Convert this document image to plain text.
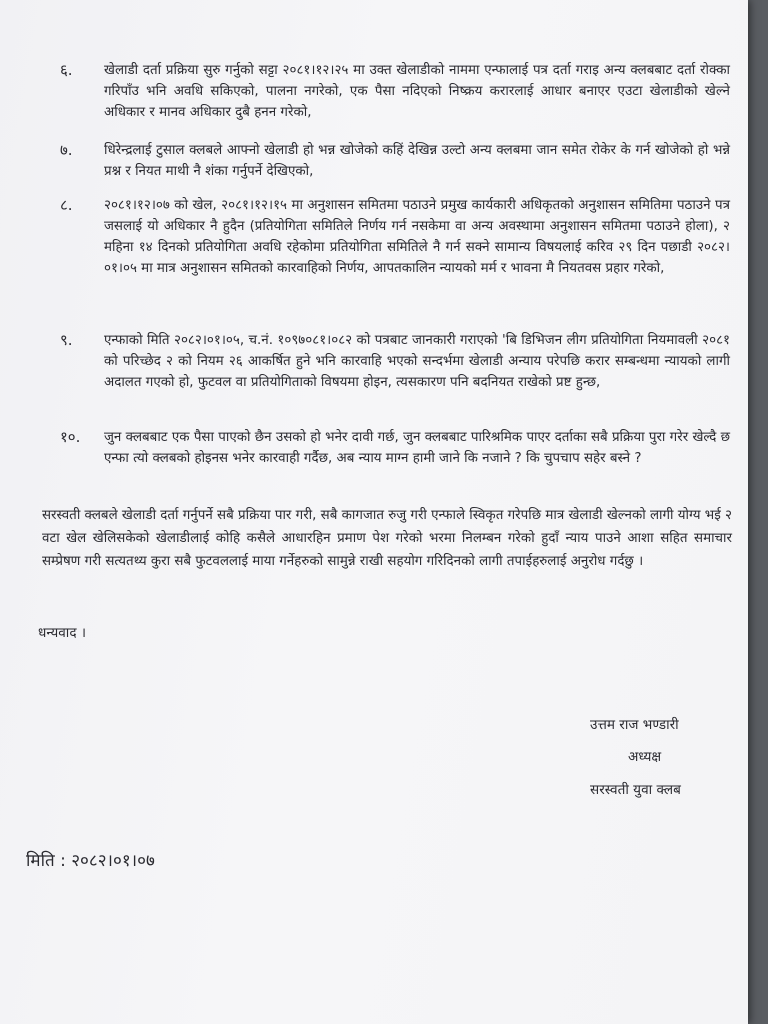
६. खेलाडी दर्ता प्रक्रिया सुरु गर्नुको सट्टा २०८१।१२।२५ मा उक्त खेलाडीको नाममा एन्फालाई पत्र दर्ता गराइ अन्य क्लबबाट दर्ता रोक्का गरिपाँउ भनि अवधि सकिएको, पालना नगरेको, एक पैसा नदिएको निष्क्रय करारलाई आधार बनाएर एउटा खेलाडीको खेल्ने अधिकार र मानव अधिकार दुबै हनन गरेको,
७. धिरेन्द्रलाई टुसाल क्लबले आफ्नो खेलाडी हो भन्न खोजेको कहिं देखिन्न उल्टो अन्य क्लबमा जान समेत रोकेर के गर्न खोजेको हो भन्ने प्रश्न र नियत माथी नै शंका गर्नुपर्ने देखिएको,
८. २०८१।१२।०७ को खेल, २०८१।१२।१५ मा अनुशासन समितमा पठाउने प्रमुख कार्यकारी अधिकृतको अनुशासन समितिमा पठाउने पत्र जसलाई यो अधिकार नै हुदैन (प्रतियोगिता समितिले निर्णय गर्न नसकेमा वा अन्य अवस्थामा अनुशासन समितमा पठाउने होला), २ महिना १४ दिनको प्रतियोगिता अवधि रहेकोमा प्रतियोगिता समितिले नै गर्न सक्ने सामान्य विषयलाई करिव २९ दिन पछाडी २०८२।०१।०५ मा मात्र अनुशासन समितको कारवाहिको निर्णय, आपतकालिन न्यायको मर्म र भावना मै नियतवस प्रहार गरेको,
९. एन्फाको मिति २०८२।०१।०५, च.नं. १०९७०८१।०८२ को पत्रबाट जानकारी गराएको 'बि डिभिजन लीग प्रतियोगिता नियमावली २०८१ को परिच्छेद २ को नियम २६ आकर्षित हुने भनि कारवाहि भएको सन्दर्भमा खेलाडी अन्याय परेपछि करार सम्बन्धमा न्यायको लागी अदालत गएको हो, फुटवल वा प्रतियोगिताको विषयमा होइन, त्यसकारण पनि बदनियत राखेको प्रष्ट हुन्छ,
१०. जुन क्लबबाट एक पैसा पाएको छैन उसको हो भनेर दावी गर्छ, जुन क्लबबाट पारिश्रमिक पाएर दर्ताका सबै प्रक्रिया पुरा गरेर खेल्दै छ एन्फा त्यो क्लबको होइनस भनेर कारवाही गर्दैछ, अब न्याय माग्न हामी जाने कि नजाने ? कि चुपचाप सहेर बस्ने ?
सरस्वती क्लबले खेलाडी दर्ता गर्नुपर्ने सबै प्रक्रिया पार गरी, सबै कागजात रुजु गरी एन्फाले स्विकृत गरेपछि मात्र खेलाडी खेल्नको लागी योग्य भई २ वटा खेल खेलिसकेको खेलाडीलाई कोहि कसैले आधारहिन प्रमाण पेश गरेको भरमा निलम्बन गरेको हुदाँ न्याय पाउने आशा सहित समाचार सम्प्रेषण गरी सत्यतथ्य कुरा सबै फुटवललाई माया गर्नेहरुको सामुन्ने राखी सहयोग गरिदिनको लागी तपाईहरुलाई अनुरोध गर्दछु ।
धन्यवाद ।
उत्तम राज भण्डारी
अध्यक्ष
सरस्वती युवा क्लब
मिति : २०८२।०१।०७
